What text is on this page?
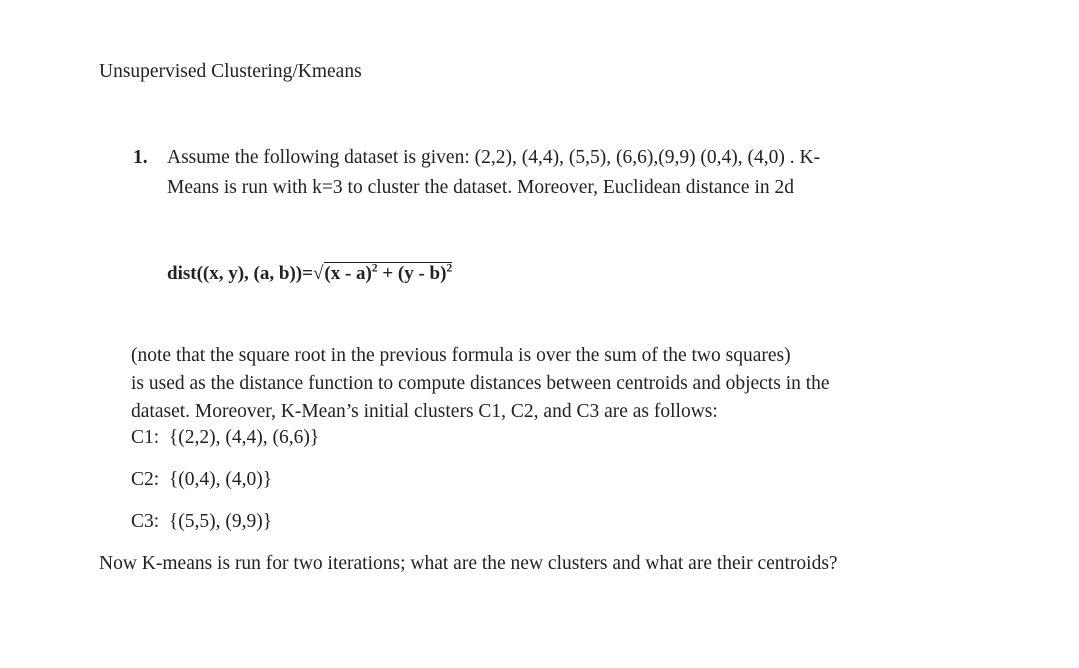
Unsupervised Clustering/Kmeans
1. Assume the following dataset is given: (2,2), (4,4), (5,5), (6,6),(9,9) (0,4), (4,0) . K-
Means is run with k=3 to cluster the dataset. Moreover, Euclidean distance in 2d
dist((x, y), (a, b))=√(x - a)$^2$ + (y - b)$^2$
(note that the square root in the previous formula is over the sum of the two squares)
is used as the distance function to compute distances between centroids and objects in the
dataset. Moreover, K-Mean’s initial clusters C1, C2, and C3 are as follows:
C1:  {(2,2), (4,4), (6,6)}
C2:  {(0,4), (4,0)}
C3:  {(5,5), (9,9)}
Now K-means is run for two iterations; what are the new clusters and what are their centroids?
